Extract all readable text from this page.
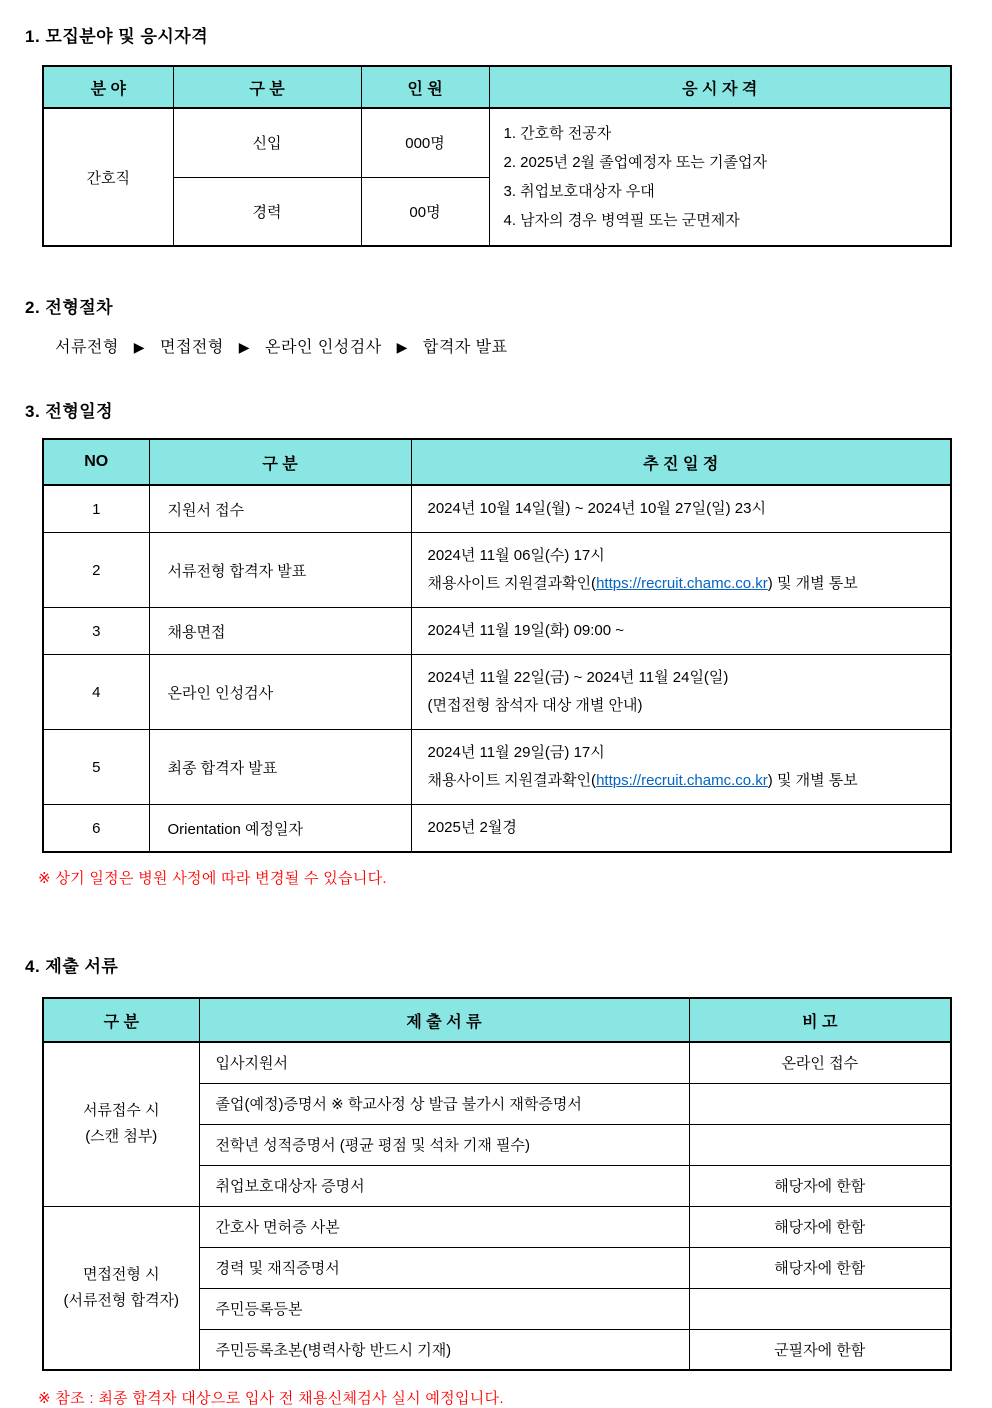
1. 모집분야 및 응시자격
분 야	구 분	인 원	응 시 자 격
간호직	신입	000명	1. 간호학 전공자
2. 2025년 2월 졸업예정자 또는 기졸업자
3. 취업보호대상자 우대
4. 남자의 경우 병역필 또는 군면제자

	경력	00명	
2. 전형절차
서류전형 ▶ 면접전형 ▶ 온라인 인성검사 ▶ 합격자 발표
3. 전형일정
NO	구 분	추 진 일 정
1	지원서 접수	2024년 10월 14일(월) ~ 2024년 10월 27일(일) 23시

2	서류전형 합격자 발표	2024년 11월 06일(수) 17시
채용사이트 지원결과확인(https://recruit.chamc.co.kr) 및 개별 통보

3	채용면접	2024년 11월 19일(화) 09:00 ~

4	온라인 인성검사	2024년 11월 22일(금) ~ 2024년 11월 24일(일)
(면접전형 참석자 대상 개별 안내)

5	최종 합격자 발표	2024년 11월 29일(금) 17시
채용사이트 지원결과확인(https://recruit.chamc.co.kr) 및 개별 통보

6	Orientation 예정일자	2025년 2월경
※ 상기 일정은 병원 사정에 따라 변경될 수 있습니다.
4. 제출 서류
구 분	제 출 서 류	비 고

서류접수 시
(스캔 첨부)	입사지원서	온라인 접수
	졸업(예정)증명서 ※ 학교사정 상 발급 불가시 재학증명서	
	전학년 성적증명서 (평균 평점 및 석차 기재 필수)	
	취업보호대상자 증명서	해당자에 한함

면접전형 시
(서류전형 합격자)	간호사 면허증 사본	해당자에 한함
	경력 및 재직증명서	해당자에 한함
	주민등록등본	
	주민등록초본(병력사항 반드시 기재)	군필자에 한함
※ 참조 : 최종 합격자 대상으로 입사 전 채용신체검사 실시 예정입니다.
